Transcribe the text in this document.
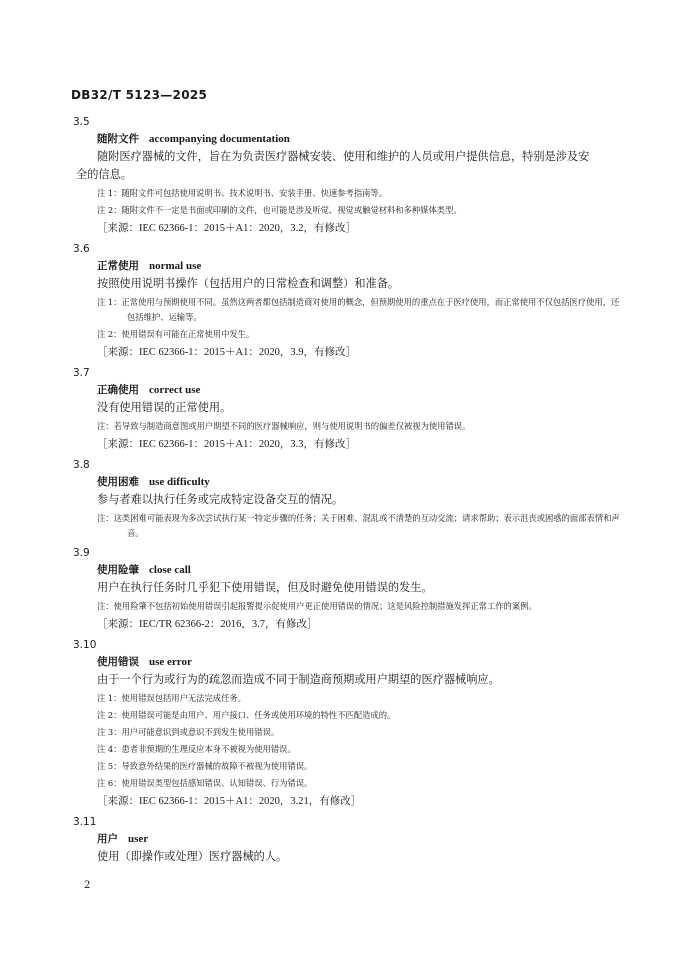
DB32/T 5123—2025
3.5
随附文件 accompanying documentation
随附医疗器械的文件，旨在为负责医疗器械安装、使用和维护的人员或用户提供信息，特别是涉及安全的信息。
注 1：随附文件可包括使用说明书、技术说明书、安装手册、快速参考指南等。
注 2：随附文件不一定是书面或印刷的文件，也可能是涉及听觉、视觉或触觉材料和多种媒体类型。
［来源：IEC 62366-1：2015＋A1：2020，3.2，有修改］
3.6
正常使用 normal use
按照使用说明书操作（包括用户的日常检查和调整）和准备。
注 1：正常使用与预期使用不同。虽然这两者都包括制造商对使用的概念，但预期使用的重点在于医疗使用，而正常使用不仅包括医疗使用，还包括维护、运输等。
注 2：使用错误有可能在正常使用中发生。
［来源：IEC 62366-1：2015＋A1：2020，3.9，有修改］
3.7
正确使用 correct use
没有使用错误的正常使用。
注：若导致与制造商意图或用户期望不同的医疗器械响应，则与使用说明书的偏差仅被视为使用错误。
［来源：IEC 62366-1：2015＋A1：2020，3.3，有修改］
3.8
使用困难 use difficulty
参与者难以执行任务或完成特定设备交互的情况。
注：这类困难可能表现为多次尝试执行某一特定步骤的任务；关于困难、混乱或不清楚的互动交流；请求帮助；表示沮丧或困惑的面部表情和声音。
3.9
使用险肇 close call
用户在执行任务时几乎犯下使用错误，但及时避免使用错误的发生。
注：使用险肇不包括初始使用错误引起报警提示促使用户更正使用错误的情况；这是风险控制措施发挥正常工作的案例。
［来源：IEC/TR 62366-2：2016，3.7，有修改］
3.10
使用错误 use error
由于一个行为或行为的疏忽而造成不同于制造商预期或用户期望的医疗器械响应。
注 1：使用错误包括用户无法完成任务。
注 2：使用错误可能是由用户、用户接口、任务或使用环境的特性不匹配造成的。
注 3：用户可能意识到或意识不到发生使用错误。
注 4：患者非预期的生理反应本身不被视为使用错误。
注 5：导致意外结果的医疗器械的故障不被视为使用错误。
注 6：使用错误类型包括感知错误、认知错误、行为错误。
［来源：IEC 62366-1：2015＋A1：2020，3.21，有修改］
3.11
用户 user
使用（即操作或处理）医疗器械的人。
2
